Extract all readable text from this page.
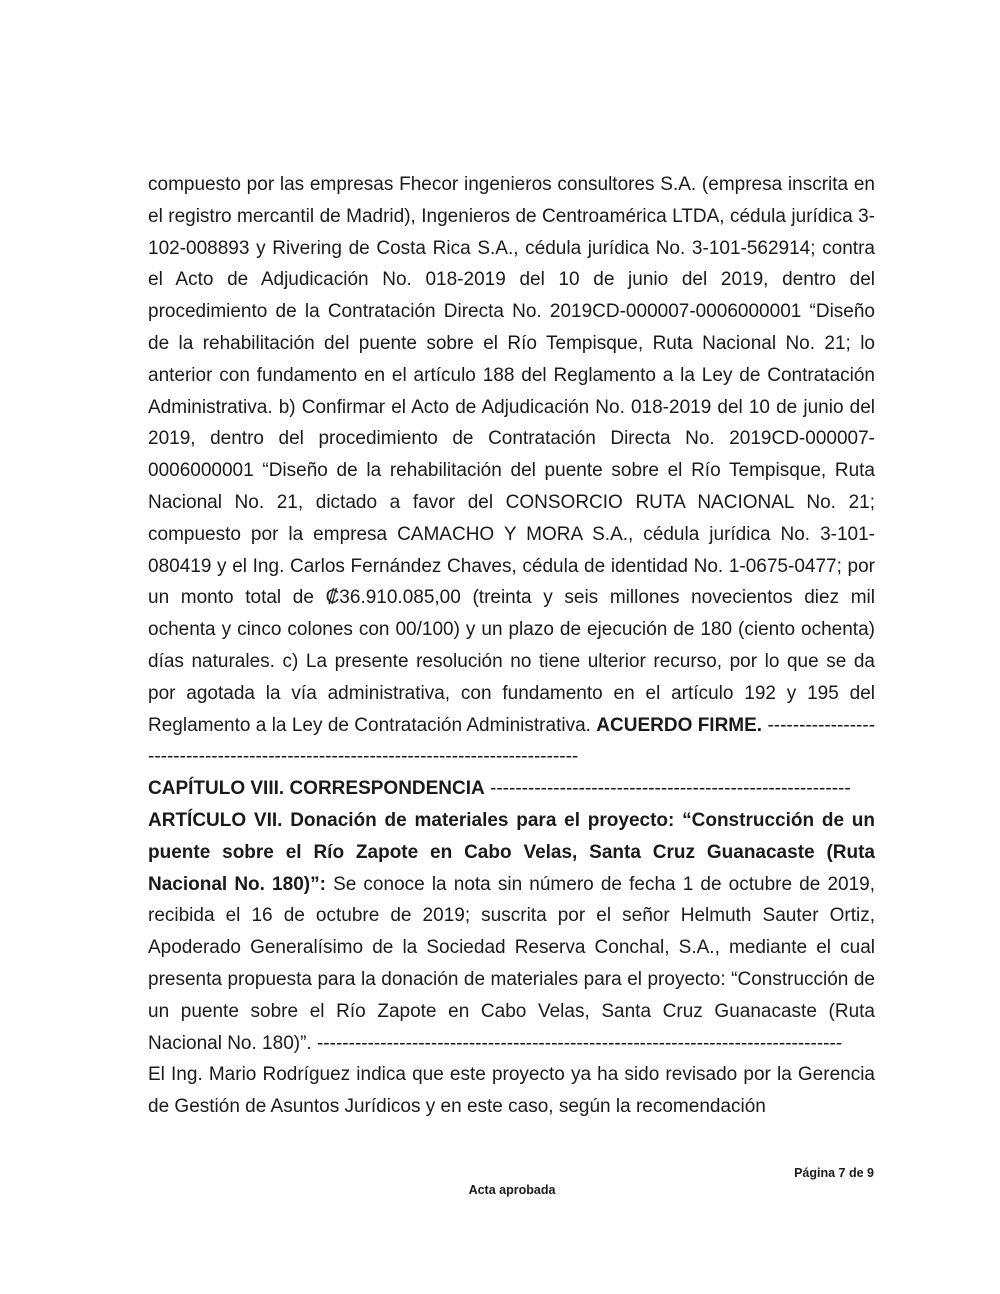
compuesto por las empresas Fhecor ingenieros consultores S.A. (empresa inscrita en el registro mercantil de Madrid), Ingenieros de Centroamérica LTDA, cédula jurídica 3-102-008893 y Rivering de Costa Rica S.A., cédula jurídica No. 3-101-562914; contra el Acto de Adjudicación No. 018-2019 del 10 de junio del 2019, dentro del procedimiento de la Contratación Directa No. 2019CD-000007-0006000001 “Diseño de la rehabilitación del puente sobre el Río Tempisque, Ruta Nacional No. 21; lo anterior con fundamento en el artículo 188 del Reglamento a la Ley de Contratación Administrativa. b) Confirmar el Acto de Adjudicación No. 018-2019 del 10 de junio del 2019, dentro del procedimiento de Contratación Directa No. 2019CD-000007-0006000001 “Diseño de la rehabilitación del puente sobre el Río Tempisque, Ruta Nacional No. 21, dictado a favor del CONSORCIO RUTA NACIONAL No. 21; compuesto por la empresa CAMACHO Y MORA S.A., cédula jurídica No. 3-101-080419 y el Ing. Carlos Fernández Chaves, cédula de identidad No. 1-0675-0477; por un monto total de ₡36.910.085,00 (treinta y seis millones novecientos diez mil ochenta y cinco colones con 00/100) y un plazo de ejecución de 180 (ciento ochenta) días naturales. c) La presente resolución no tiene ulterior recurso, por lo que se da por agotada la vía administrativa, con fundamento en el artículo 192 y 195 del Reglamento a la Ley de Contratación Administrativa. ACUERDO FIRME. -------------------------------------------------------------------------------------

CAPÍTULO VIII. CORRESPONDENCIA ---------------------------------------------------------

ARTÍCULO VII. Donación de materiales para el proyecto: “Construcción de un puente sobre el Río Zapote en Cabo Velas, Santa Cruz Guanacaste (Ruta Nacional No. 180)”: Se conoce la nota sin número de fecha 1 de octubre de 2019, recibida el 16 de octubre de 2019; suscrita por el señor Helmuth Sauter Ortiz, Apoderado Generalísimo de la Sociedad Reserva Conchal, S.A., mediante el cual presenta propuesta para la donación de materiales para el proyecto: “Construcción de un puente sobre el Río Zapote en Cabo Velas, Santa Cruz Guanacaste (Ruta Nacional No. 180)”. -----------------------------------------------------------------------------------

El Ing. Mario Rodríguez indica que este proyecto ya ha sido revisado por la Gerencia de Gestión de Asuntos Jurídicos y en este caso, según la recomendación

Página 7 de 9
Acta aprobada
